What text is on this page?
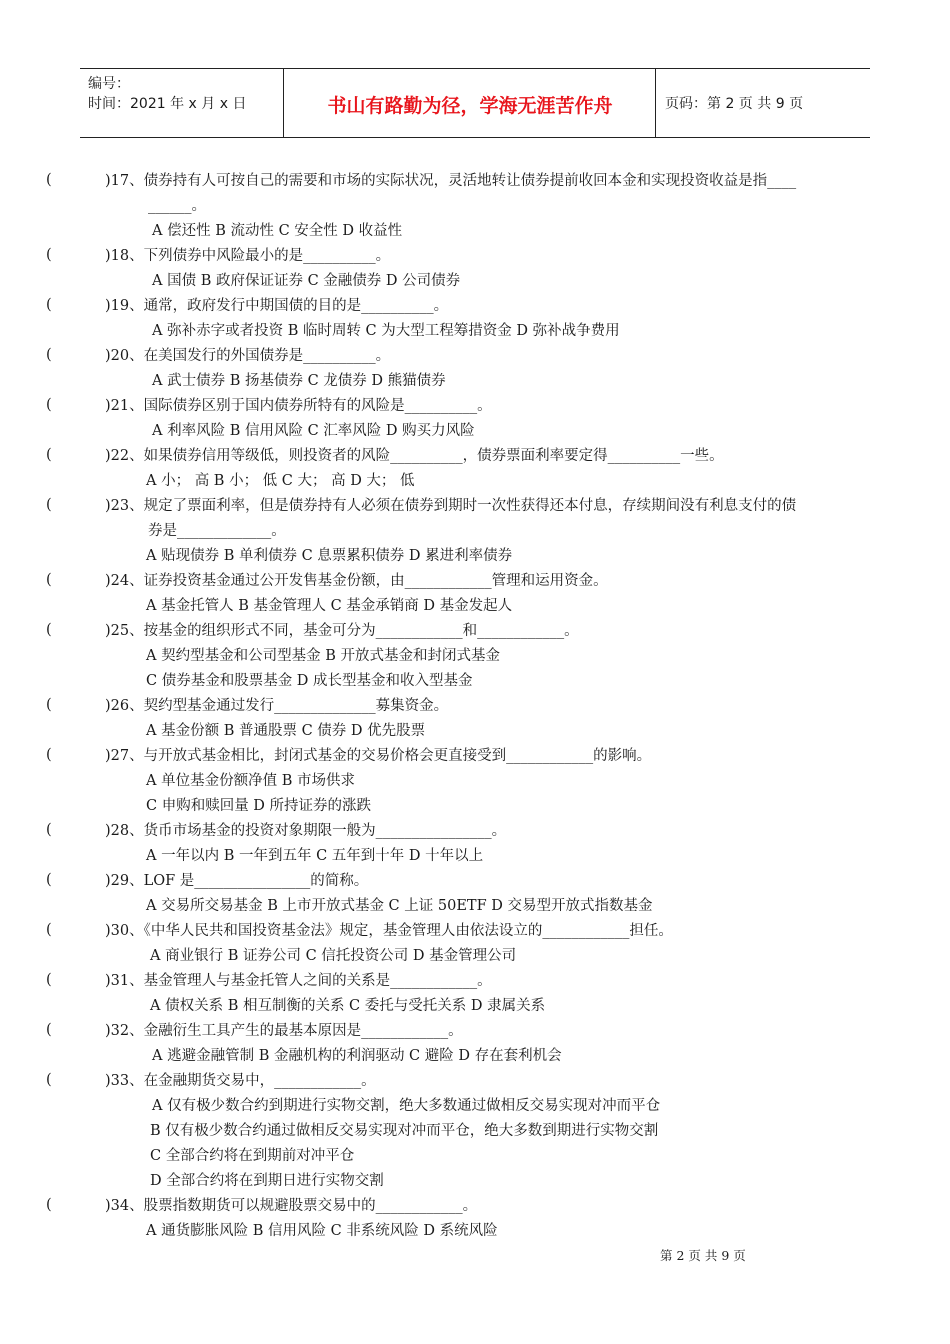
编号：
时间：2021 年 x 月 x 日	书山有路勤为径，学海无涯苦作舟	页码：第 2 页 共 9 页
(	)17、债券持有人可按自己的需要和市场的实际状况，灵活地转让债券提前收回本金和实现投资收益是指____
______。
A 偿还性 B 流动性 C 安全性 D 收益性
(	)18、下列债券中风险最小的是__________。
A 国债 B 政府保证证券 C 金融债券 D 公司债券
(	)19、通常，政府发行中期国债的目的是__________。
A 弥补赤字或者投资 B 临时周转 C 为大型工程筹措资金 D 弥补战争费用
(	)20、在美国发行的外国债券是__________。
A 武士债券 B 扬基债券 C 龙债券 D 熊猫债券
(	)21、国际债券区别于国内债券所特有的风险是__________。
A 利率风险 B 信用风险 C 汇率风险 D 购买力风险
(	)22、如果债券信用等级低，则投资者的风险__________，债券票面利率要定得__________一些。
A 小； 高 B 小； 低 C 大； 高 D 大； 低
(	)23、规定了票面利率，但是债券持有人必须在债券到期时一次性获得还本付息，存续期间没有利息支付的债
券是_____________。
A 贴现债券 B 单利债券 C 息票累积债券 D 累进利率债券
(	)24、证券投资基金通过公开发售基金份额，由____________管理和运用资金。
A 基金托管人 B 基金管理人 C 基金承销商 D 基金发起人
(	)25、按基金的组织形式不同，基金可分为____________和____________。
A 契约型基金和公司型基金 B 开放式基金和封闭式基金
C 债券基金和股票基金 D 成长型基金和收入型基金
(	)26、契约型基金通过发行______________募集资金。
A 基金份额 B 普通股票 C 债券 D 优先股票
(	)27、与开放式基金相比，封闭式基金的交易价格会更直接受到____________的影响。
A 单位基金份额净值 B 市场供求
C 申购和赎回量 D 所持证券的涨跌
(	)28、货币市场基金的投资对象期限一般为________________。
A 一年以内 B 一年到五年 C 五年到十年 D 十年以上
(	)29、LOF 是________________的简称。
A 交易所交易基金 B 上市开放式基金 C 上证 50ETF D 交易型开放式指数基金
(	)30、《中华人民共和国投资基金法》规定，基金管理人由依法设立的____________担任。
A 商业银行 B 证券公司 C 信托投资公司 D 基金管理公司
(	)31、基金管理人与基金托管人之间的关系是____________。
A 债权关系 B 相互制衡的关系 C 委托与受托关系 D 隶属关系
(	)32、金融衍生工具产生的最基本原因是____________。
A 逃避金融管制 B 金融机构的利润驱动 C 避险 D 存在套利机会
(	)33、在金融期货交易中，____________。
A 仅有极少数合约到期进行实物交割，绝大多数通过做相反交易实现对冲而平仓
B 仅有极少数合约通过做相反交易实现对冲而平仓，绝大多数到期进行实物交割
C 全部合约将在到期前对冲平仓
D 全部合约将在到期日进行实物交割
(	)34、股票指数期货可以规避股票交易中的____________。
A 通货膨胀风险 B 信用风险 C 非系统风险 D 系统风险
第 2 页 共 9 页
